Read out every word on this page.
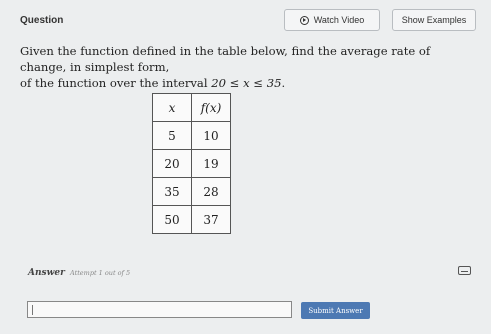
Question	Watch Video	Show Examples
Given the function defined in the table below, find the average rate of change, in simplest form,
of the function over the interval 20 ≤ x ≤ 35.
x	f(x)
5	10
20	19
35	28
50	37
Answer Attempt 1 out of 5
Submit Answer
